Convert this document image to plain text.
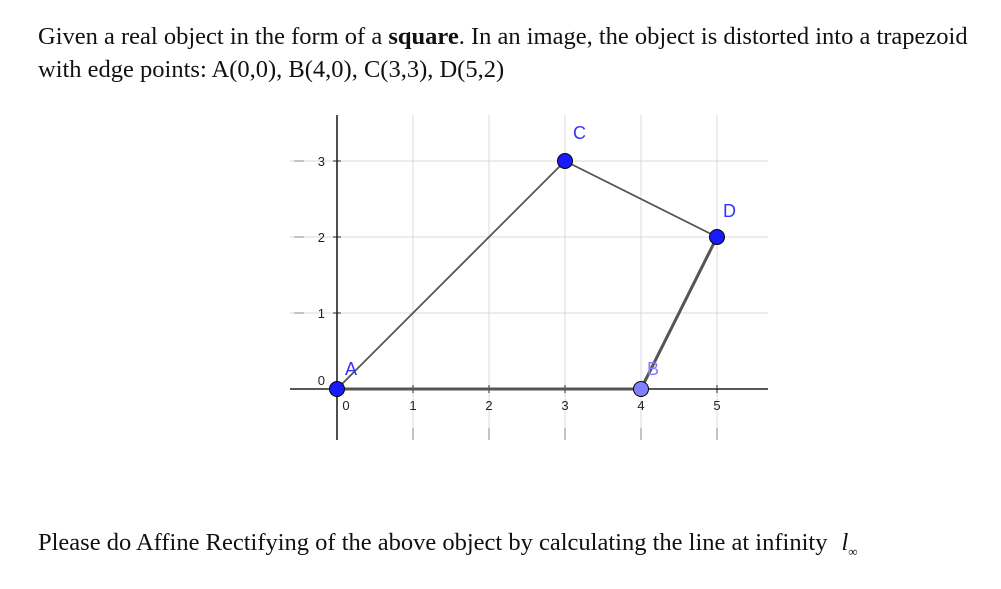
Given a real object in the form of a square. In an image, the object is distorted into a trapezoid with edge points: A(0,0), B(4,0), C(3,3), D(5,2)
0	1	2	3	4	5
0
1
2
3
A	B
C
D
Please do Affine Rectifying of the above object by calculating the line at infinity $l_\infty$
